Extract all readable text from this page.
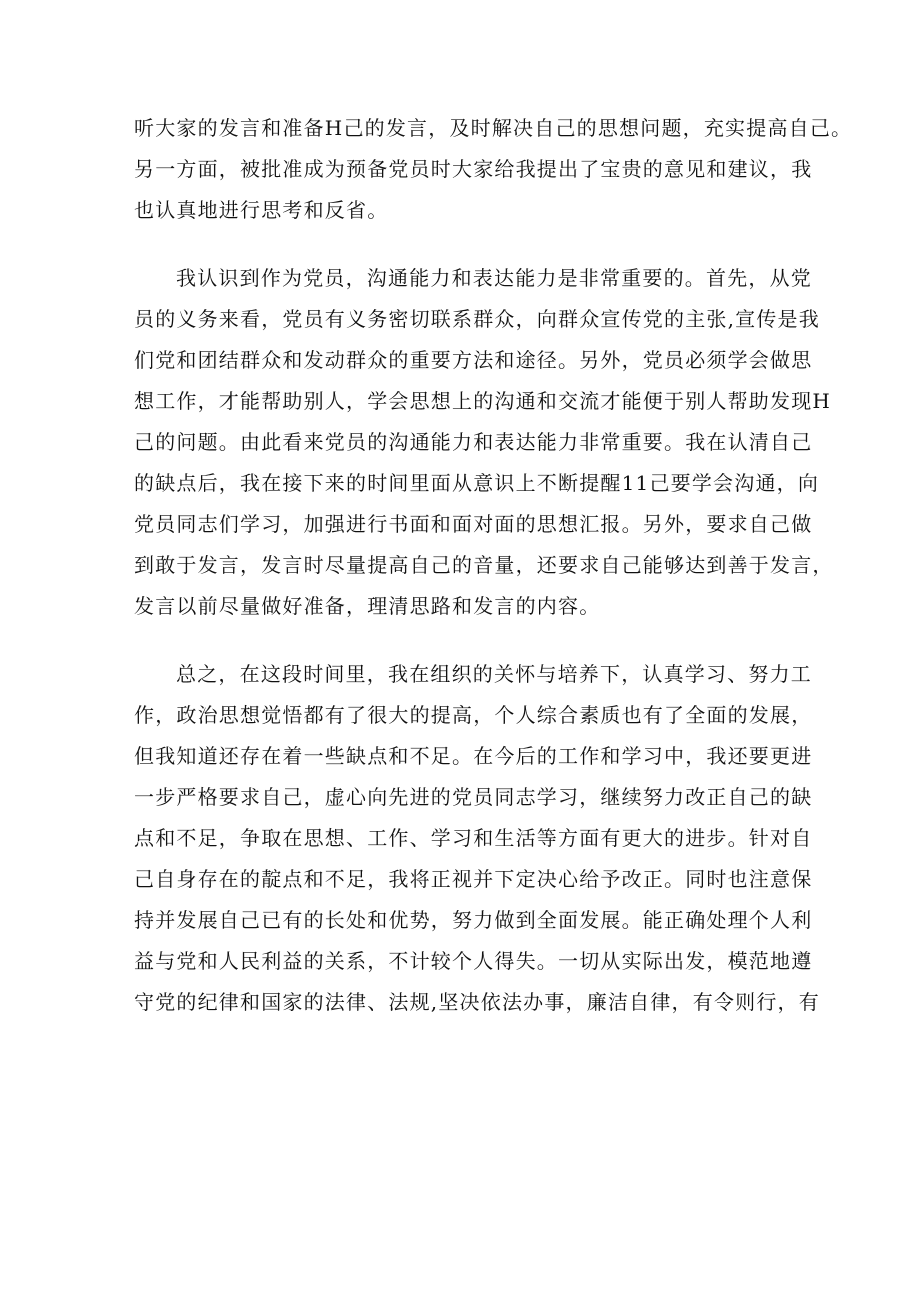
听大家的发言和准备H己的发言，及时解决自己的思想问题，充实提高自己。
另一方面，被批准成为预备党员时大家给我提出了宝贵的意见和建议，我
也认真地进行思考和反省。
我认识到作为党员，沟通能力和表达能力是非常重要的。首先，从党
员的义务来看，党员有义务密切联系群众，向群众宣传党的主张,宣传是我
们党和团结群众和发动群众的重要方法和途径。另外，党员必须学会做思
想工作，才能帮助别人，学会思想上的沟通和交流才能便于别人帮助发现H
己的问题。由此看来党员的沟通能力和表达能力非常重要。我在认清自己
的缺点后，我在接下来的时间里面从意识上不断提醒11己要学会沟通，向
党员同志们学习，加强进行书面和面对面的思想汇报。另外，要求自己做
到敢于发言，发言时尽量提高自己的音量，还要求自己能够达到善于发言，
发言以前尽量做好准备，理清思路和发言的内容。
总之，在这段时间里，我在组织的关怀与培养下，认真学习、努力工
作，政治思想觉悟都有了很大的提高，个人综合素质也有了全面的发展，
但我知道还存在着一些缺点和不足。在今后的工作和学习中，我还要更进
一步严格要求自己，虚心向先进的党员同志学习，继续努力改正自己的缺
点和不足，争取在思想、工作、学习和生活等方面有更大的进步。针对自
己自身存在的靛点和不足，我将正视并下定决心给予改正。同时也注意保
持并发展自己已有的长处和优势，努力做到全面发展。能正确处理个人利
益与党和人民利益的关系，不计较个人得失。一切从实际出发，模范地遵
守党的纪律和国家的法律、法规,坚决依法办事，廉洁自律，有令则行，有
